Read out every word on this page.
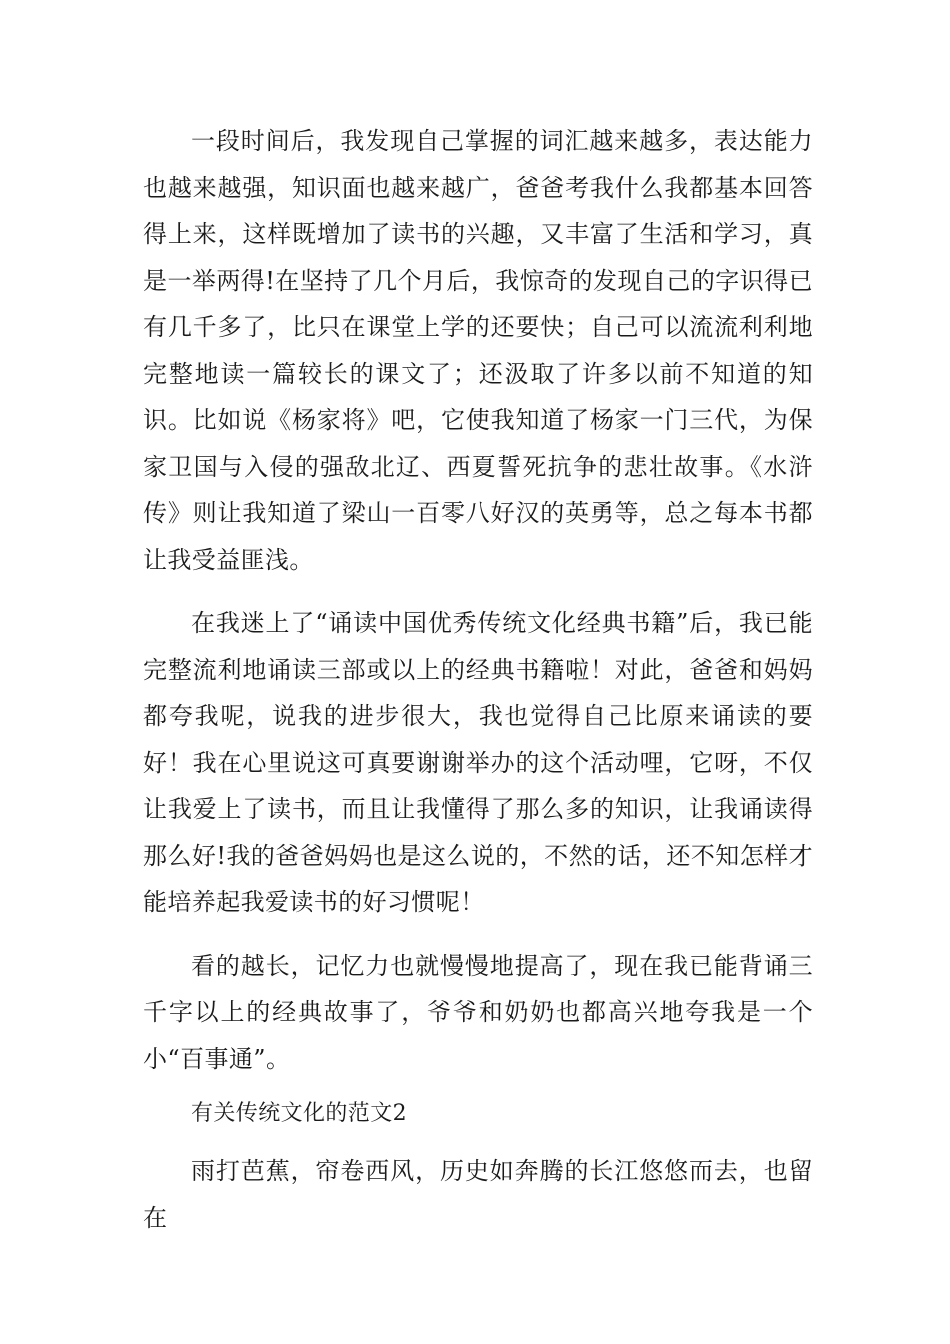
一段时间后，我发现自己掌握的词汇越来越多，表达能力也越来越强，知识面也越来越广，爸爸考我什么我都基本回答得上来，这样既增加了读书的兴趣，又丰富了生活和学习，真是一举两得!在坚持了几个月后，我惊奇的发现自己的字识得已有几千多了，比只在课堂上学的还要快；自己可以流流利利地完整地读一篇较长的课文了；还汲取了许多以前不知道的知识。比如说《杨家将》吧，它使我知道了杨家一门三代，为保家卫国与入侵的强敌北辽、西夏誓死抗争的悲壮故事。《水浒传》则让我知道了梁山一百零八好汉的英勇等，总之每本书都让我受益匪浅。

在我迷上了“诵读中国优秀传统文化经典书籍”后，我已能完整流利地诵读三部或以上的经典书籍啦！对此，爸爸和妈妈都夸我呢，说我的进步很大，我也觉得自己比原来诵读的要好！我在心里说这可真要谢谢举办的这个活动哩，它呀，不仅让我爱上了读书，而且让我懂得了那么多的知识，让我诵读得那么好!我的爸爸妈妈也是这么说的，不然的话，还不知怎样才能培养起我爱读书的好习惯呢！

看的越长，记忆力也就慢慢地提高了，现在我已能背诵三千字以上的经典故事了，爷爷和奶奶也都高兴地夸我是一个小“百事通”。

有关传统文化的范文2

雨打芭蕉，帘卷西风，历史如奔腾的长江悠悠而去，也留在
